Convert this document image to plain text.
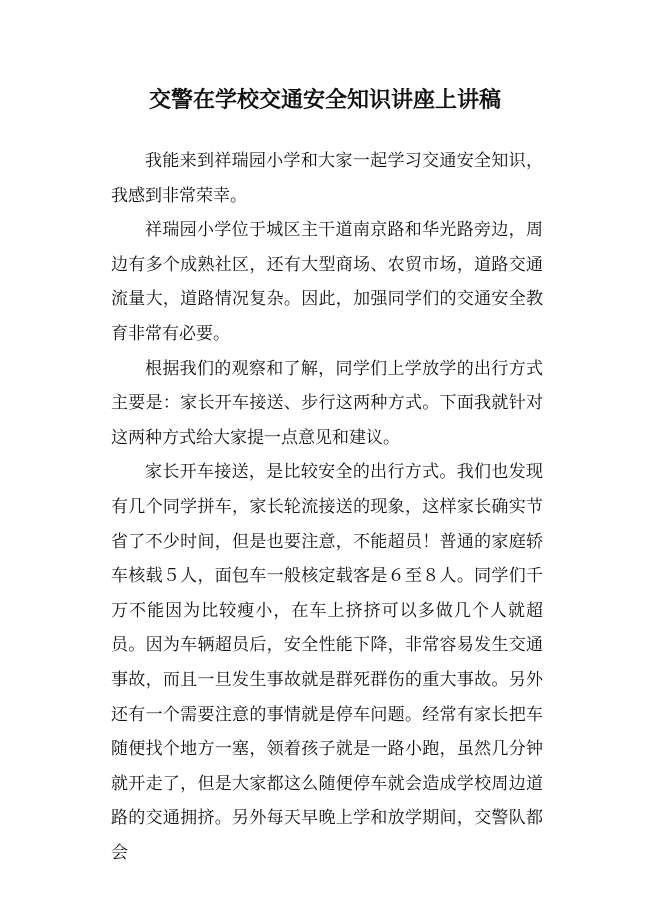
交警在学校交通安全知识讲座上讲稿

我能来到祥瑞园小学和大家一起学习交通安全知识，我感到非常荣幸。

祥瑞园小学位于城区主干道南京路和华光路旁边，周边有多个成熟社区，还有大型商场、农贸市场，道路交通流量大，道路情况复杂。因此，加强同学们的交通安全教育非常有必要。

根据我们的观察和了解，同学们上学放学的出行方式主要是：家长开车接送、步行这两种方式。下面我就针对这两种方式给大家提一点意见和建议。

家长开车接送，是比较安全的出行方式。我们也发现有几个同学拼车，家长轮流接送的现象，这样家长确实节省了不少时间，但是也要注意，不能超员！普通的家庭轿车核载５人，面包车一般核定载客是６至８人。同学们千万不能因为比较瘦小，在车上挤挤可以多做几个人就超员。因为车辆超员后，安全性能下降，非常容易发生交通事故，而且一旦发生事故就是群死群伤的重大事故。另外还有一个需要注意的事情就是停车问题。经常有家长把车随便找个地方一塞，领着孩子就是一路小跑，虽然几分钟就开走了，但是大家都这么随便停车就会造成学校周边道路的交通拥挤。另外每天早晚上学和放学期间，交警队都会
